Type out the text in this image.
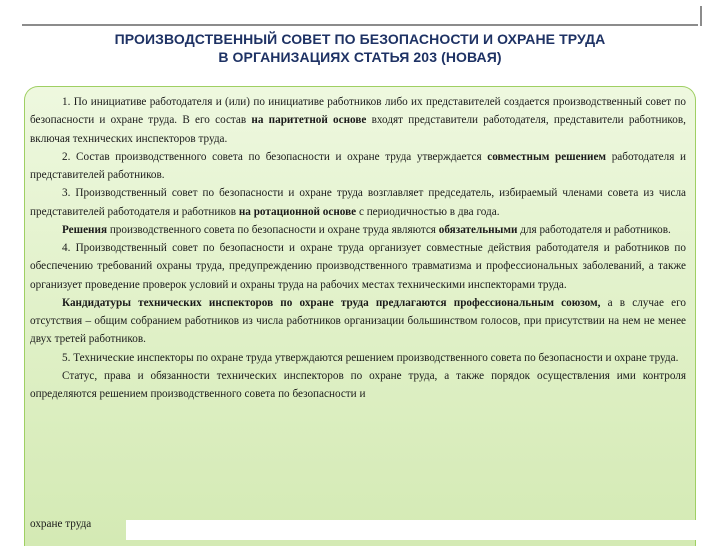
ПРОИЗВОДСТВЕННЫЙ СОВЕТ ПО БЕЗОПАСНОСТИ И ОХРАНЕ ТРУДА
В ОРГАНИЗАЦИЯХ СТАТЬЯ 203 (НОВАЯ)

1. По инициативе работодателя и (или) по инициативе работников либо их представителей создается производственный совет по безопасности и охране труда. В его состав на паритетной основе входят представители работодателя, представители работников, включая технических инспекторов труда.

2. Состав производственного совета по безопасности и охране труда утверждается совместным решением работодателя и представителей работников.

3. Производственный совет по безопасности и охране труда возглавляет председатель, избираемый членами совета из числа представителей работодателя и работников на ротационной основе с периодичностью в два года.

Решения производственного совета по безопасности и охране труда являются обязательными для работодателя и работников.

4. Производственный совет по безопасности и охране труда организует совместные действия работодателя и работников по обеспечению требований охраны труда, предупреждению производственного травматизма и профессиональных заболеваний, а также организует проведение проверок условий и охраны труда на рабочих местах техническими инспекторами труда.

Кандидатуры технических инспекторов по охране труда предлагаются профессиональным союзом, а в случае его отсутствия – общим собранием работников из числа работников организации большинством голосов, при присутствии на нем не менее двух третей работников.

5. Технические инспекторы по охране труда утверждаются решением производственного совета по безопасности и охране труда.

Статус, права и обязанности технических инспекторов по охране труда, а также порядок осуществления ими контроля определяются решением производственного совета по безопасности и

охране труда
